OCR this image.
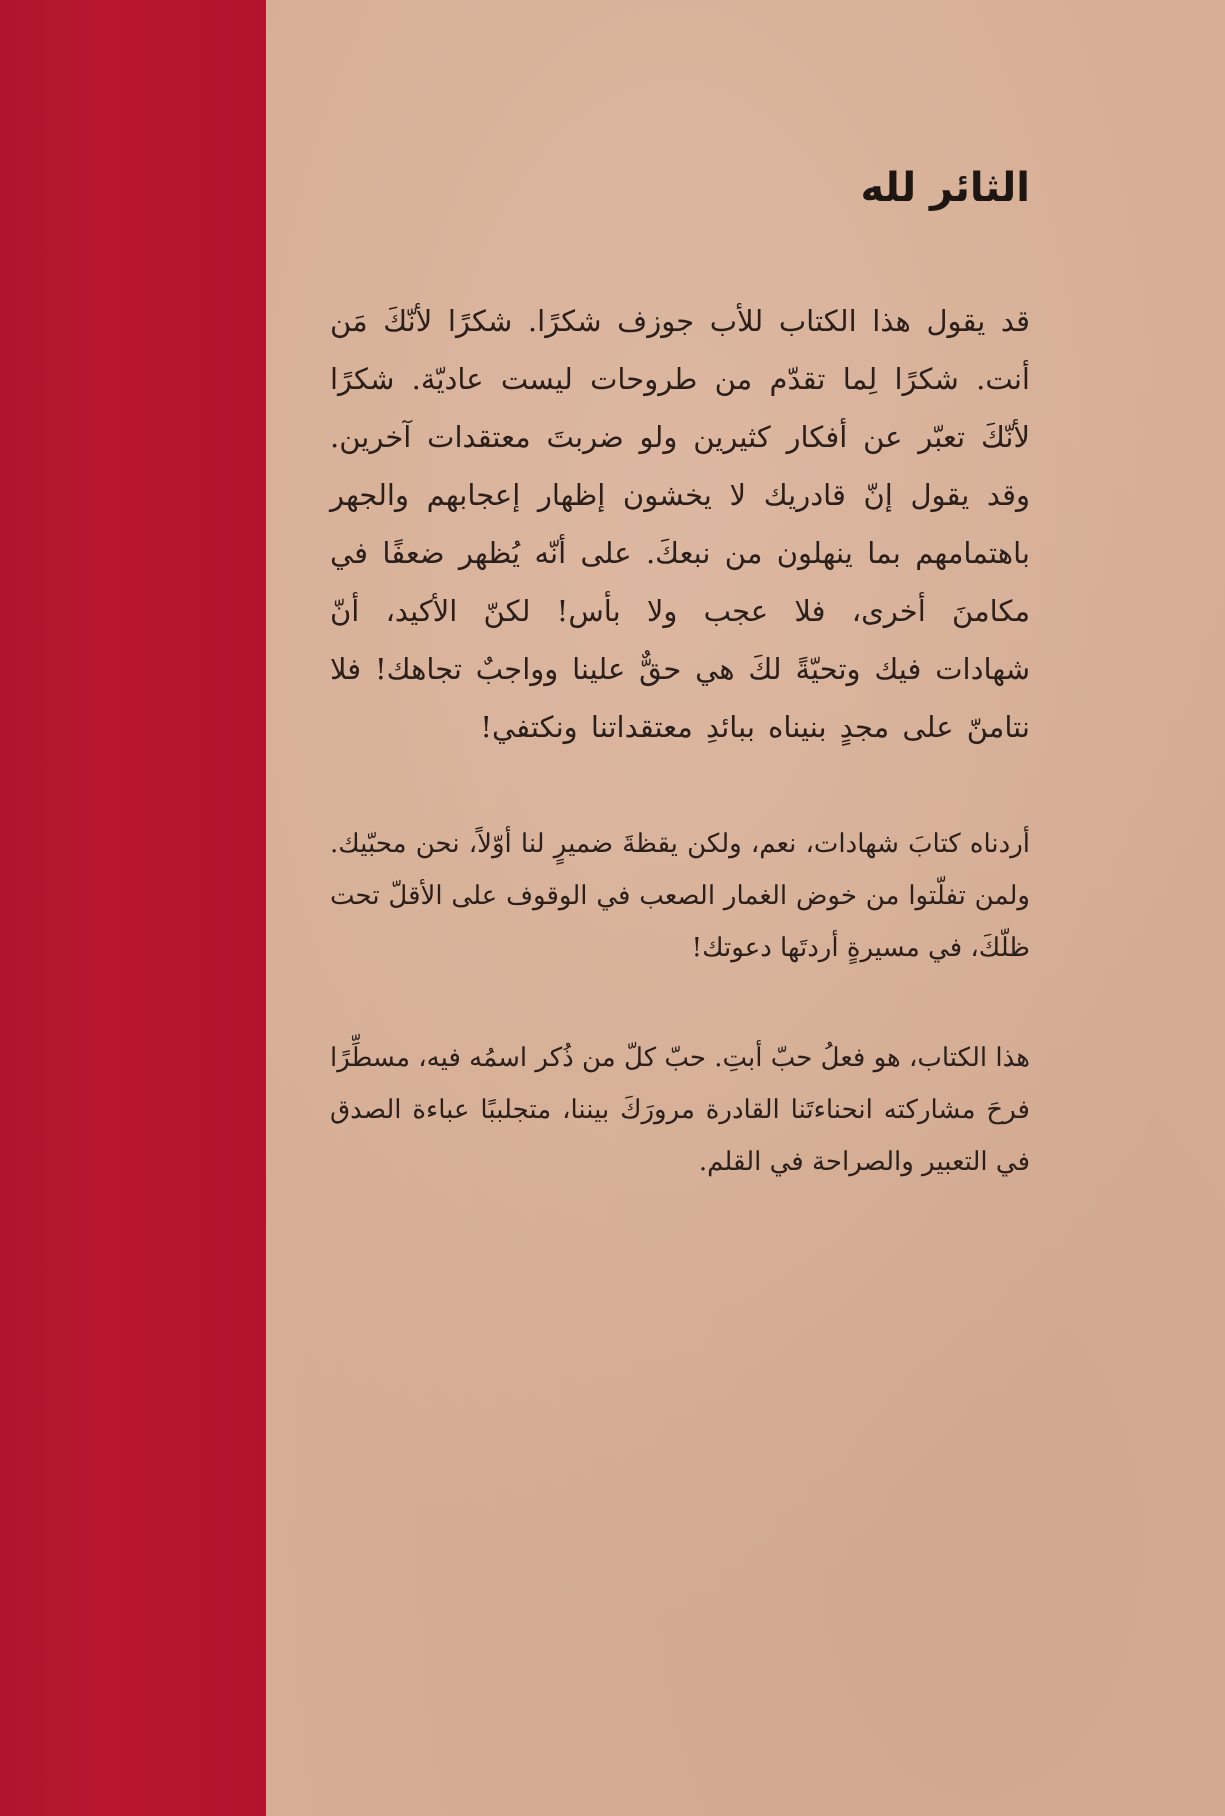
الثائر لله

قد يقول هذا الكتاب للأب جوزف شكرًا. شكرًا لأنّكَ مَن أنت. شكرًا لِما تقدّم من طروحات ليست عاديّة. شكرًا لأنّكَ تعبّر عن أفكار كثيرين ولو ضربتَ معتقدات آخرين. وقد يقول إنّ قادريك لا يخشون إظهار إعجابهم والجهر باهتمامهم بما ينهلون من نبعكَ. على أنّه يُظهر ضعفًا في مكامنَ أخرى، فلا عجب ولا بأس! لكنّ الأكيد، أنّ شهادات فيك وتحيّةً لكَ هي حقٌّ علينا وواجبٌ تجاهك! فلا نتامنّ على مجدٍ بنيناه ببائدِ معتقداتنا ونكتفي!

أردناه كتابَ شهادات، نعم، ولكن يقظةَ ضميرٍ لنا أوّلاً، نحن محبّيك. ولمن تفلّتوا من خوض الغمار الصعب في الوقوف على الأقلّ تحت ظلّكَ، في مسيرةٍ أردتَها دعوتك!

هذا الكتاب، هو فعلُ حبّ أبتِ. حبّ كلّ من ذُكر اسمُه فيه، مسطِّرًا فرحَ مشاركته انحناءتَنا القادرة مرورَكَ بيننا، متجلببًا عباءة الصدق في التعبير والصراحة في القلم.
